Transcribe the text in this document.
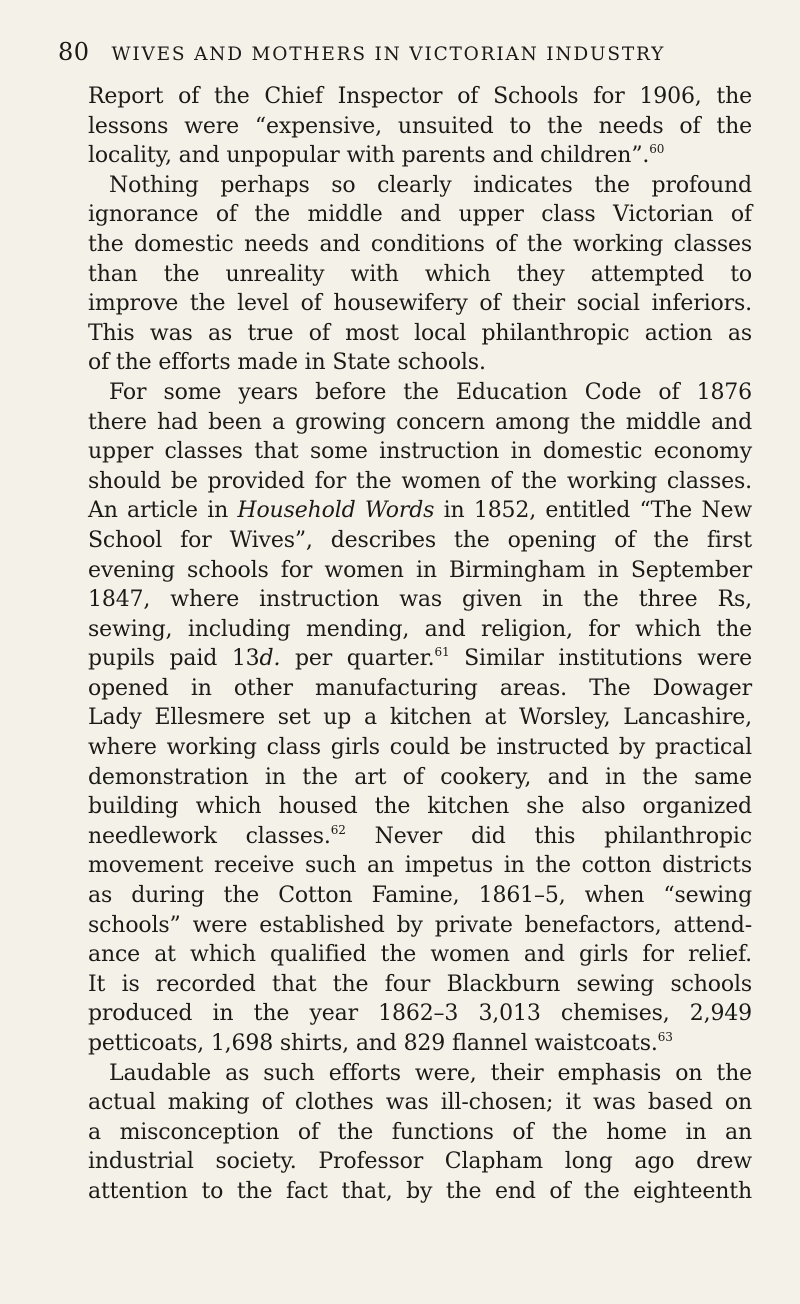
80 WIVES AND MOTHERS IN VICTORIAN INDUSTRY
Report of the Chief Inspector of Schools for 1906, the
lessons were “expensive, unsuited to the needs of the
locality, and unpopular with parents and children”.$^{60}$
Nothing perhaps so clearly indicates the profound
ignorance of the middle and upper class Victorian of
the domestic needs and conditions of the working classes
than the unreality with which they attempted to
improve the level of housewifery of their social inferiors.
This was as true of most local philanthropic action as
of the efforts made in State schools.
For some years before the Education Code of 1876
there had been a growing concern among the middle and
upper classes that some instruction in domestic economy
should be provided for the women of the working classes.
An article in Household Words in 1852, entitled “The New
School for Wives”, describes the opening of the first
evening schools for women in Birmingham in September
1847, where instruction was given in the three Rs,
sewing, including mending, and religion, for which the
pupils paid 13d. per quarter.$^{61}$ Similar institutions were
opened in other manufacturing areas. The Dowager
Lady Ellesmere set up a kitchen at Worsley, Lancashire,
where working class girls could be instructed by practical
demonstration in the art of cookery, and in the same
building which housed the kitchen she also organized
needlework classes.$^{62}$ Never did this philanthropic
movement receive such an impetus in the cotton districts
as during the Cotton Famine, 1861–5, when “sewing
schools” were established by private benefactors, attend-
ance at which qualified the women and girls for relief.
It is recorded that the four Blackburn sewing schools
produced in the year 1862–3 3,013 chemises, 2,949
petticoats, 1,698 shirts, and 829 flannel waistcoats.$^{63}$
Laudable as such efforts were, their emphasis on the
actual making of clothes was ill-chosen; it was based on
a misconception of the functions of the home in an
industrial society. Professor Clapham long ago drew
attention to the fact that, by the end of the eighteenth
